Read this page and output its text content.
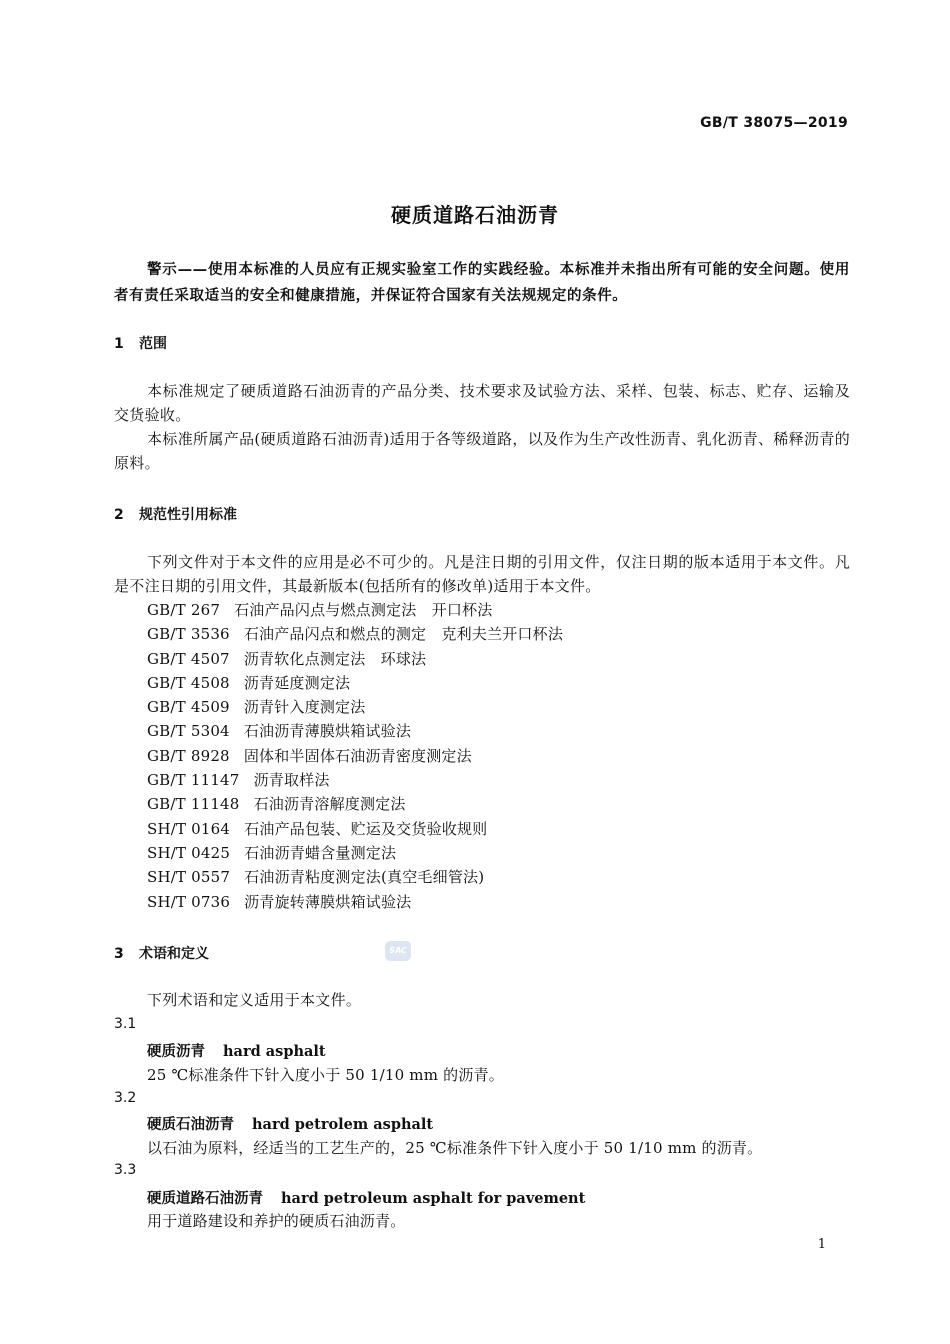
GB/T 38075—2019
硬质道路石油沥青
警示——使用本标准的人员应有正规实验室工作的实践经验。本标准并未指出所有可能的安全问题。使用者有责任采取适当的安全和健康措施，并保证符合国家有关法规规定的条件。
1 范围
本标准规定了硬质道路石油沥青的产品分类、技术要求及试验方法、采样、包装、标志、贮存、运输及交货验收。
本标准所属产品(硬质道路石油沥青)适用于各等级道路，以及作为生产改性沥青、乳化沥青、稀释沥青的原料。
2 规范性引用标准
下列文件对于本文件的应用是必不可少的。凡是注日期的引用文件，仅注日期的版本适用于本文件。凡是不注日期的引用文件，其最新版本(包括所有的修改单)适用于本文件。
GB/T 267 石油产品闪点与燃点测定法　开口杯法
GB/T 3536 石油产品闪点和燃点的测定　克利夫兰开口杯法
GB/T 4507 沥青软化点测定法　环球法
GB/T 4508 沥青延度测定法
GB/T 4509 沥青针入度测定法
GB/T 5304 石油沥青薄膜烘箱试验法
GB/T 8928 固体和半固体石油沥青密度测定法
GB/T 11147 沥青取样法
GB/T 11148 石油沥青溶解度测定法
SH/T 0164 石油产品包装、贮运及交货验收规则
SH/T 0425 石油沥青蜡含量测定法
SH/T 0557 石油沥青粘度测定法(真空毛细管法)
SH/T 0736 沥青旋转薄膜烘箱试验法
3 术语和定义	SAC
下列术语和定义适用于本文件。
3.1
硬质沥青 hard asphalt
25 ℃标准条件下针入度小于 50 1/10 mm 的沥青。
3.2
硬质石油沥青 hard petrolem asphalt
以石油为原料，经适当的工艺生产的，25 ℃标准条件下针入度小于 50 1/10 mm 的沥青。
3.3
硬质道路石油沥青 hard petroleum asphalt for pavement
用于道路建设和养护的硬质石油沥青。
1
